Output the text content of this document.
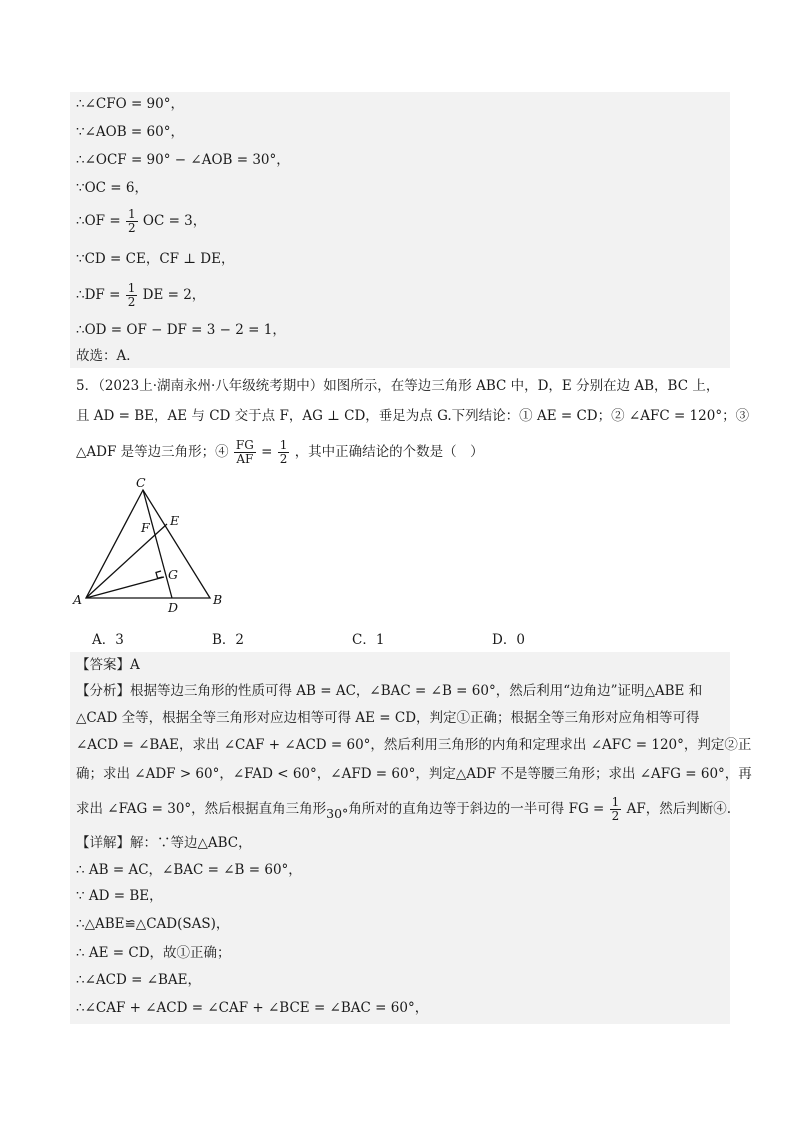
∴∠CFO = 90°，
∵∠AOB = 60°，
∴∠OCF = 90° − ∠AOB = 30°，
∵OC = 6，
∴OF = $\frac{1}{2}$ OC = 3，
∵CD = CE，CF ⊥ DE，
∴DF = $\frac{1}{2}$ DE = 2，
∴OD = OF − DF = 3 − 2 = 1，
故选：A．
5．（2023上·湖南永州·八年级统考期中）如图所示，在等边三角形 ABC 中，D，E 分别在边 AB，BC 上，
且 AD = BE，AE 与 CD 交于点 F，AG ⊥ CD，垂足为点 G.下列结论：① AE = CD；② ∠AFC = 120°；③
△ADF 是等边三角形；④ $\frac{FG}{AF} = \frac{1}{2}$ ，其中正确结论的个数是（　）
C
E
F
G
A
D
B
A．3	B．2	C．1	D．0
【答案】A
【分析】根据等边三角形的性质可得 AB = AC，∠BAC = ∠B = 60°，然后利用“边角边”证明△ABE 和
△CAD 全等，根据全等三角形对应边相等可得 AE = CD，判定①正确；根据全等三角形对应角相等可得
∠ACD = ∠BAE，求出 ∠CAF + ∠ACD = 60°，然后利用三角形的内角和定理求出 ∠AFC = 120°，判定②正
确；求出 ∠ADF > 60°，∠FAD < 60°，∠AFD = 60°，判定△ADF 不是等腰三角形；求出 ∠AFG = 60°，再
求出 ∠FAG = 30°，然后根据直角三角形30°角所对的直角边等于斜边的一半可得 FG = $\frac{1}{2}$ AF，然后判断④.
【详解】解：∵等边△ABC，
∴ AB = AC，∠BAC = ∠B = 60°，
∵ AD = BE，
∴△ABE≌△CAD(SAS)，
∴ AE = CD，故①正确；
∴∠ACD = ∠BAE，
∴∠CAF + ∠ACD = ∠CAF + ∠BCE = ∠BAC = 60°，
